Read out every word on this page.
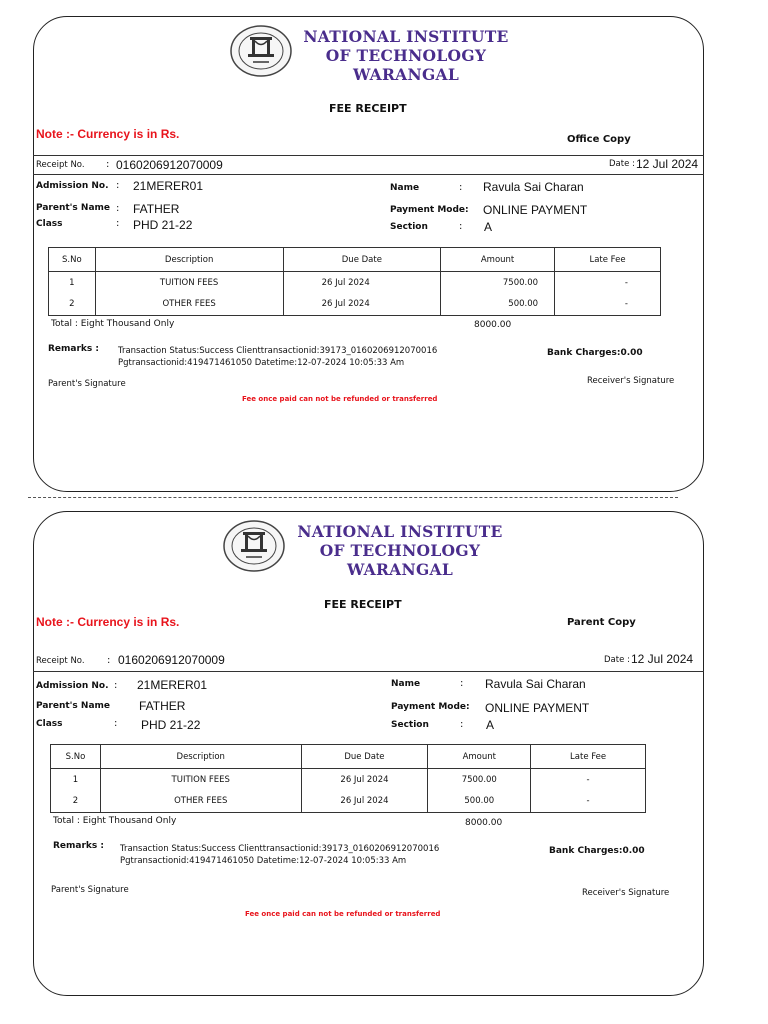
NATIONAL INSTITUTE
OF TECHNOLOGY
WARANGAL
FEE RECEIPT
Note :- Currency is in Rs.	Office Copy
Receipt No. : 0160206912070009	Date : 12 Jul 2024
Admission No. : 21MERER01	Name	: Ravula Sai Charan
Parent's Name : FATHER	Payment Mode: ONLINE PAYMENT
Class	: PHD 21-22	Section	: A
S.No	Description	Due Date	Amount	Late Fee
1	TUITION FEES	26 Jul 2024	7500.00	-
2	OTHER FEES	26 Jul 2024	500.00	-
Total : Eight Thousand Only	8000.00
Remarks : Transaction Status:Success Clienttransactionid:39173_0160206912070016
Pgtransactionid:419471461050 Datetime:12-07-2024 10:05:33 Am
Bank Charges:0.00
Parent's Signature	Receiver's Signature
Fee once paid can not be refunded or transferred
NATIONAL INSTITUTE
OF TECHNOLOGY
WARANGAL
FEE RECEIPT
Note :- Currency is in Rs.	Parent Copy
Receipt No. : 0160206912070009	Date : 12 Jul 2024
Admission No. : 21MERER01	Name	: Ravula Sai Charan
Parent's Name FATHER	Payment Mode: ONLINE PAYMENT
Class	: PHD 21-22	Section	: A
S.No	Description	Due Date	Amount	Late Fee
1	TUITION FEES	26 Jul 2024	7500.00	-
2	OTHER FEES	26 Jul 2024	500.00	-
Total : Eight Thousand Only	8000.00
Remarks : Transaction Status:Success Clienttransactionid:39173_0160206912070016
Pgtransactionid:419471461050 Datetime:12-07-2024 10:05:33 Am
Bank Charges:0.00
Parent's Signature	Receiver's Signature
Fee once paid can not be refunded or transferred
